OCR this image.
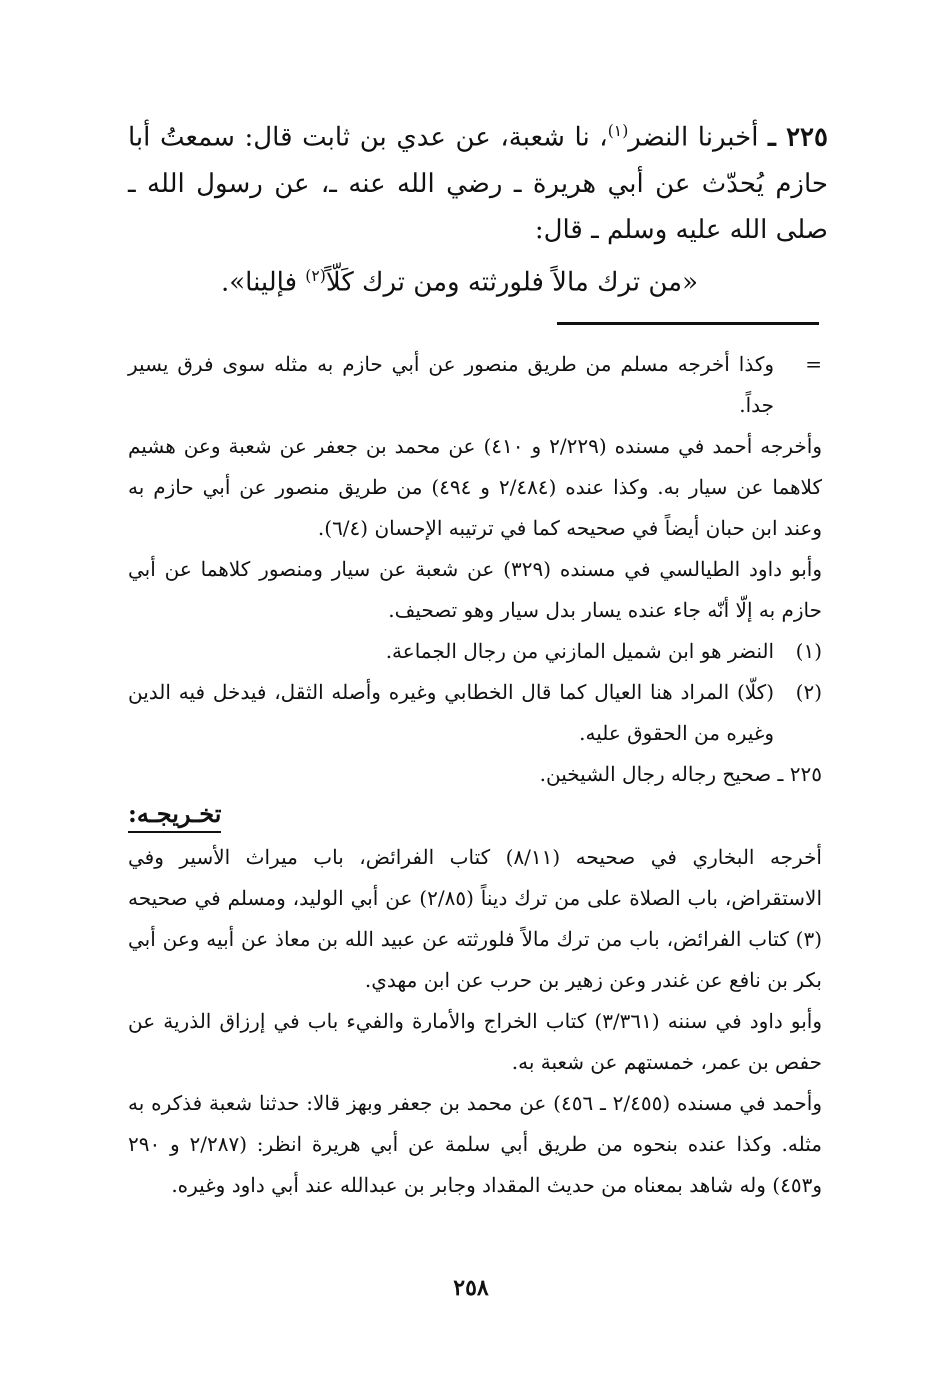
٢٢٥ ـ أخبرنا النضر$^{(١)}$، نا شعبة، عن عدي بن ثابت قال: سمعتُ أبا حازم يُحدّث عن أبي هريرة ـ رضي الله عنه ـ، عن رسول الله ـ صلى الله عليه وسلم ـ قال:
«من ترك مالاً فلورثته ومن ترك كَلّاً$^{(٢)}$ فإلينا».
=
وكذا أخرجه مسلم من طريق منصور عن أبي حازم به مثله سوى فرق يسير جداً.
وأخرجه أحمد في مسنده (٢/٢٢٩ و ٤١٠) عن محمد بن جعفر عن شعبة وعن هشيم كلاهما عن سيار به. وكذا عنده (٢/٤٨٤ و ٤٩٤) من طريق منصور عن أبي حازم به وعند ابن حبان أيضاً في صحيحه كما في ترتيبه الإحسان (٦/٤).
وأبو داود الطيالسي في مسنده (٣٢٩) عن شعبة عن سيار ومنصور كلاهما عن أبي حازم به إلّا أنّه جاء عنده يسار بدل سيار وهو تصحيف.
(١)
النضر هو ابن شميل المازني من رجال الجماعة.
(٢)
(كلّا) المراد هنا العيال كما قال الخطابي وغيره وأصله الثقل، فيدخل فيه الدين وغيره من الحقوق عليه.
٢٢٥ ـ صحيح رجاله رجال الشيخين.
تخـريجـه:
أخرجه البخاري في صحيحه (٨/١١) كتاب الفرائض، باب ميراث الأسير وفي الاستقراض، باب الصلاة على من ترك ديناً (٢/٨٥) عن أبي الوليد، ومسلم في صحيحه (٣) كتاب الفرائض، باب من ترك مالاً فلورثته عن عبيد الله بن معاذ عن أبيه وعن أبي بكر بن نافع عن غندر وعن زهير بن حرب عن ابن مهدي.
وأبو داود في سننه (٣/٣٦١) كتاب الخراج والأمارة والفيء باب في إرزاق الذرية عن حفص بن عمر، خمستهم عن شعبة به.
وأحمد في مسنده (٢/٤٥٥ ـ ٤٥٦) عن محمد بن جعفر وبهز قالا: حدثنا شعبة فذكره به مثله. وكذا عنده بنحوه من طريق أبي سلمة عن أبي هريرة انظر: (٢/٢٨٧ و ٢٩٠ و٤٥٣) وله شاهد بمعناه من حديث المقداد وجابر بن عبدالله عند أبي داود وغيره.
٢٥٨
